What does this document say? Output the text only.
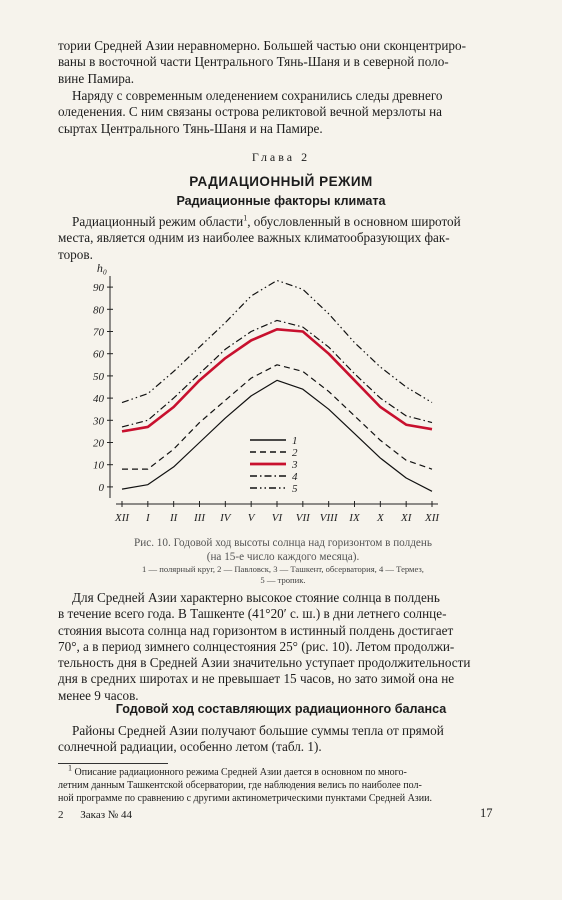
тории Средней Азии неравномерно. Большей частью они сконцентриро-
ваны в восточной части Центрального Тянь-Шаня и в северной поло-
вине Памира.

Наряду с современным оледенением сохранились следы древнего
оледенения. С ним связаны острова реликтовой вечной мерзлоты на
сыртах Центрального Тянь-Шаня и на Памире.

Глава 2
РАДИАЦИОННЫЙ РЕЖИМ
Радиационные факторы климата

Радиационный режим области$^1$, обусловленный в основном широтой
места, является одним из наиболее важных климатообразующих фак-
торов.

h₀
0
10
20
30
40
50
60
70
80
90
XII I II III IV V VI VII VIII IX X XI XII
1
2
3
4
5
Рис. 10. Годовой ход высоты солнца над горизонтом в полдень
(на 15-е число каждого месяца).
1 — полярный круг, 2 — Павловск, 3 — Ташкент, обсерватория, 4 — Термез,
5 — тропик.

Для Средней Азии характерно высокое стояние солнца в полдень
в течение всего года. В Ташкенте (41°20′ с. ш.) в дни летнего солнце-
стояния высота солнца над горизонтом в истинный полдень достигает
70°, а в период зимнего солнцестояния 25° (рис. 10). Летом продолжи-
тельность дня в Средней Азии значительно уступает продолжительности
дня в средних широтах и не превышает 15 часов, но зато зимой она не
менее 9 часов.

Годовой ход составляющих радиационного баланса

Районы Средней Азии получают большие суммы тепла от прямой
солнечной радиации, особенно летом (табл. 1).

$^1$ Описание радиационного режима Средней Азии дается в основном по много-
летним данным Ташкентской обсерватории, где наблюдения велись по наиболее пол-
ной программе по сравнению с другими актинометрическими пунктами Средней Азии.
2 Заказ № 44	17
